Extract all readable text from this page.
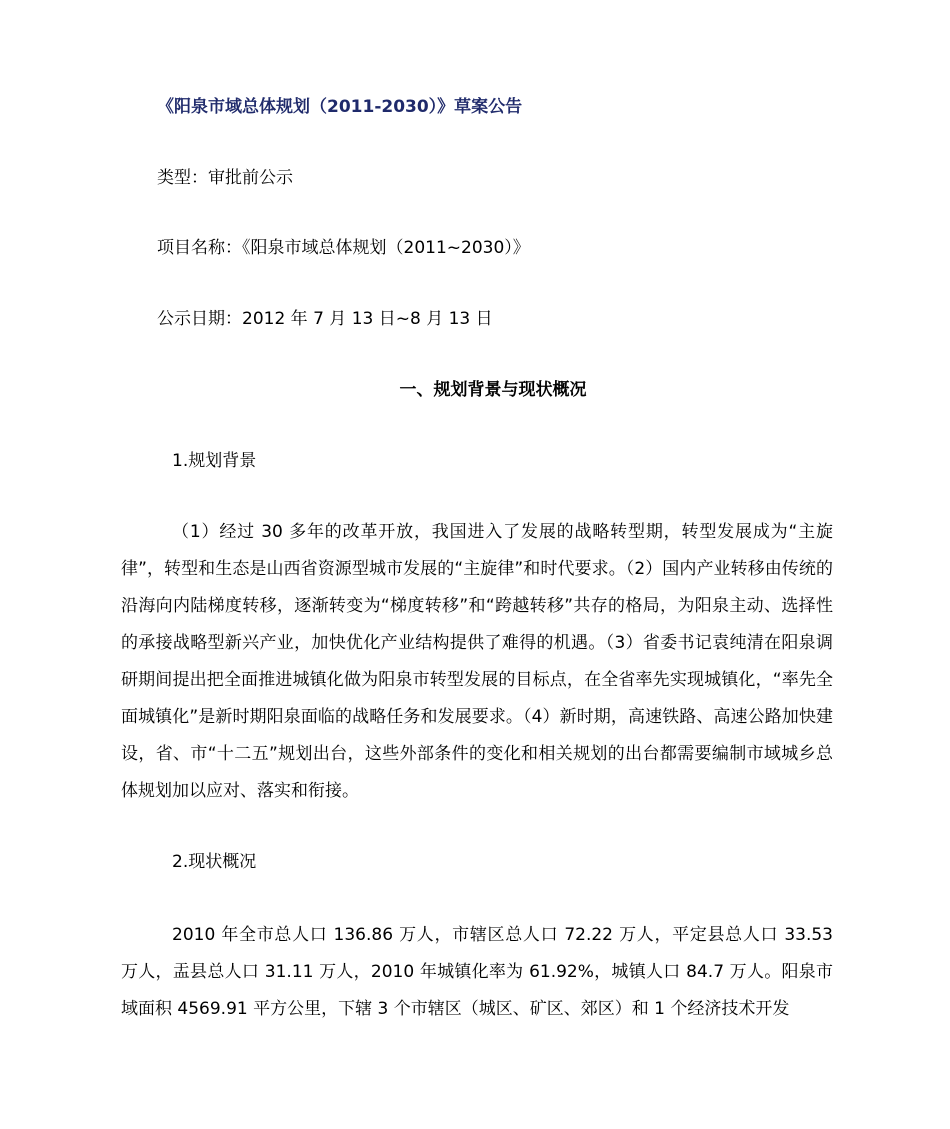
《阳泉市域总体规划（2011-2030）》草案公告
类型：审批前公示
项目名称：《阳泉市域总体规划（2011~2030）》
公示日期：2012 年 7 月 13 日~8 月 13 日
一、规划背景与现状概况
1.规划背景
（1）经过 30 多年的改革开放，我国进入了发展的战略转型期，转型发展成为“主旋律”，转型和生态是山西省资源型城市发展的“主旋律”和时代要求。（2）国内产业转移由传统的沿海向内陆梯度转移，逐渐转变为“梯度转移”和“跨越转移”共存的格局，为阳泉主动、选择性的承接战略型新兴产业，加快优化产业结构提供了难得的机遇。（3）省委书记袁纯清在阳泉调研期间提出把全面推进城镇化做为阳泉市转型发展的目标点，在全省率先实现城镇化，“率先全面城镇化”是新时期阳泉面临的战略任务和发展要求。（4）新时期，高速铁路、高速公路加快建设，省、市“十二五”规划出台，这些外部条件的变化和相关规划的出台都需要编制市域城乡总体规划加以应对、落实和衔接。
2.现状概况
2010 年全市总人口 136.86 万人，市辖区总人口 72.22 万人，平定县总人口 33.53 万人，盂县总人口 31.11 万人，2010 年城镇化率为 61.92%，城镇人口 84.7 万人。阳泉市域面积 4569.91 平方公里，下辖 3 个市辖区（城区、矿区、郊区）和 1 个经济技术开发
